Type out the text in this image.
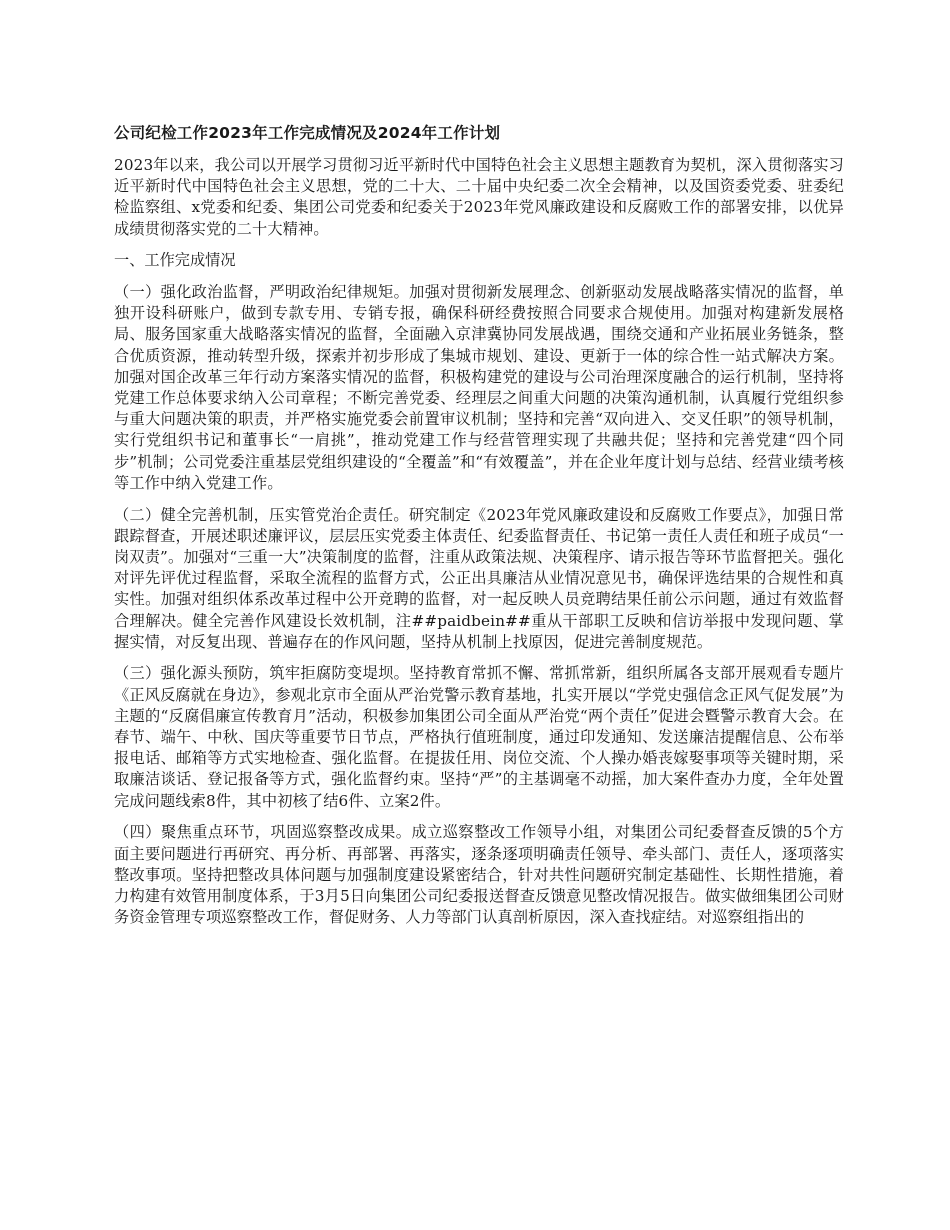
公司纪检工作2023年工作完成情况及2024年工作计划

2023年以来，我公司以开展学习贯彻习近平新时代中国特色社会主义思想主题教育为契机，深入贯彻落实习近平新时代中国特色社会主义思想，党的二十大、二十届中央纪委二次全会精神，以及国资委党委、驻委纪检监察组、x党委和纪委、集团公司党委和纪委关于2023年党风廉政建设和反腐败工作的部署安排，以优异成绩贯彻落实党的二十大精神。

一、工作完成情况

（一）强化政治监督，严明政治纪律规矩。加强对贯彻新发展理念、创新驱动发展战略落实情况的监督，单独开设科研账户，做到专款专用、专销专报，确保科研经费按照合同要求合规使用。加强对构建新发展格局、服务国家重大战略落实情况的监督，全面融入京津冀协同发展战遇，围绕交通和产业拓展业务链条，整合优质资源，推动转型升级，探索并初步形成了集城市规划、建设、更新于一体的综合性一站式解决方案。加强对国企改革三年行动方案落实情况的监督，积极构建党的建设与公司治理深度融合的运行机制，坚持将党建工作总体要求纳入公司章程；不断完善党委、经理层之间重大问题的决策沟通机制，认真履行党组织参与重大问题决策的职责，并严格实施党委会前置审议机制；坚持和完善“双向进入、交叉任职”的领导机制，实行党组织书记和董事长“一肩挑”，推动党建工作与经营管理实现了共融共促；坚持和完善党建“四个同步”机制；公司党委注重基层党组织建设的“全覆盖”和“有效覆盖”，并在企业年度计划与总结、经营业绩考核等工作中纳入党建工作。

（二）健全完善机制，压实管党治企责任。研究制定《2023年党风廉政建设和反腐败工作要点》，加强日常跟踪督查，开展述职述廉评议，层层压实党委主体责任、纪委监督责任、书记第一责任人责任和班子成员“一岗双责”。加强对“三重一大”决策制度的监督，注重从政策法规、决策程序、请示报告等环节监督把关。强化对评先评优过程监督，采取全流程的监督方式，公正出具廉洁从业情况意见书，确保评选结果的合规性和真实性。加强对组织体系改革过程中公开竞聘的监督，对一起反映人员竞聘结果任前公示问题，通过有效监督合理解决。健全完善作风建设长效机制，注##paidbein##重从干部职工反映和信访举报中发现问题、掌握实情，对反复出现、普遍存在的作风问题，坚持从机制上找原因，促进完善制度规范。

（三）强化源头预防，筑牢拒腐防变堤坝。坚持教育常抓不懈、常抓常新，组织所属各支部开展观看专题片《正风反腐就在身边》，参观北京市全面从严治党警示教育基地，扎实开展以“学党史强信念正风气促发展”为主题的“反腐倡廉宣传教育月”活动，积极参加集团公司全面从严治党“两个责任”促进会暨警示教育大会。在春节、端午、中秋、国庆等重要节日节点，严格执行值班制度，通过印发通知、发送廉洁提醒信息、公布举报电话、邮箱等方式实地检查、强化监督。在提拔任用、岗位交流、个人操办婚丧嫁娶事项等关键时期，采取廉洁谈话、登记报备等方式，强化监督约束。坚持“严”的主基调毫不动摇，加大案件查办力度，全年处置完成问题线索8件，其中初核了结6件、立案2件。

（四）聚焦重点环节，巩固巡察整改成果。成立巡察整改工作领导小组，对集团公司纪委督查反馈的5个方面主要问题进行再研究、再分析、再部署、再落实，逐条逐项明确责任领导、牵头部门、责任人，逐项落实整改事项。坚持把整改具体问题与加强制度建设紧密结合，针对共性问题研究制定基础性、长期性措施，着力构建有效管用制度体系，于3月5日向集团公司纪委报送督查反馈意见整改情况报告。做实做细集团公司财务资金管理专项巡察整改工作，督促财务、人力等部门认真剖析原因，深入查找症结。对巡察组指出的
